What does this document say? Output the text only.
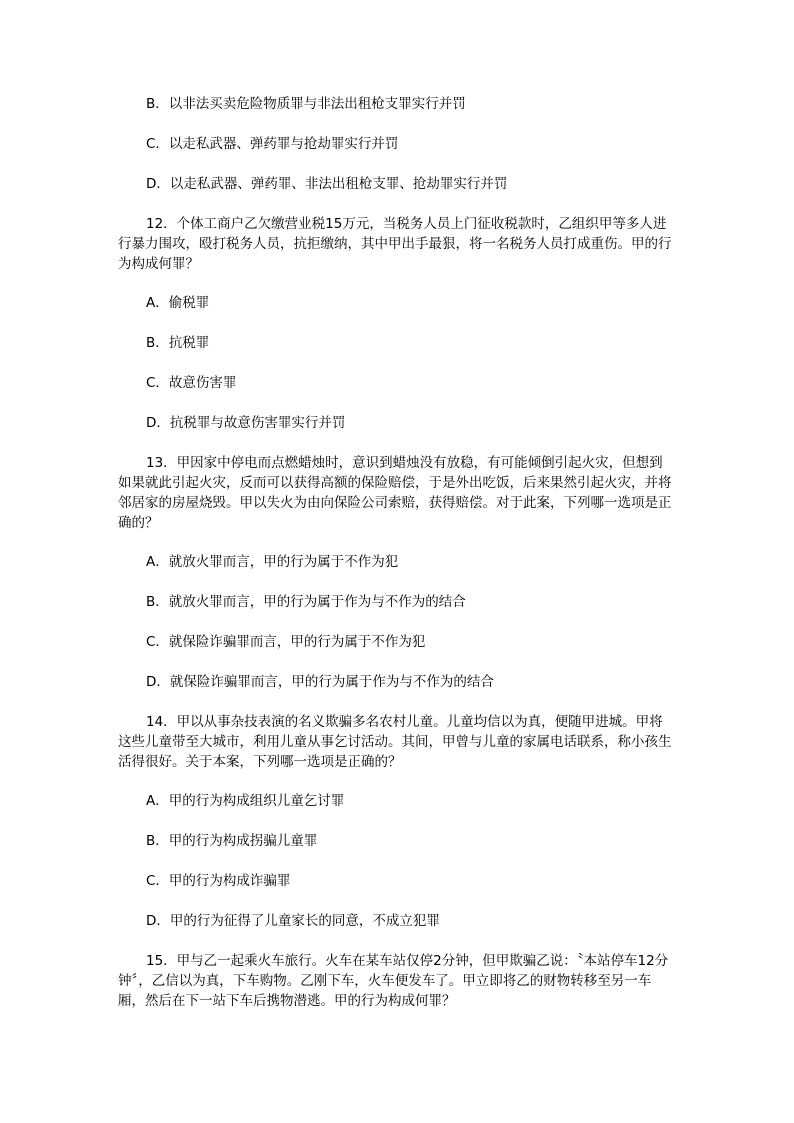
B．以非法买卖危险物质罪与非法出租枪支罪实行并罚

C．以走私武器、弹药罪与抢劫罪实行并罚

D．以走私武器、弹药罪、非法出租枪支罪、抢劫罪实行并罚

12．个体工商户乙欠缴营业税15万元，当税务人员上门征收税款时，乙组织甲等多人进行暴力围攻，殴打税务人员，抗拒缴纳，其中甲出手最狠，将一名税务人员打成重伤。甲的行为构成何罪？

A．偷税罪

B．抗税罪

C．故意伤害罪

D．抗税罪与故意伤害罪实行并罚

13．甲因家中停电而点燃蜡烛时，意识到蜡烛没有放稳，有可能倾倒引起火灾，但想到如果就此引起火灾，反而可以获得高额的保险赔偿，于是外出吃饭，后来果然引起火灾，并将邻居家的房屋烧毁。甲以失火为由向保险公司索赔，获得赔偿。对于此案，下列哪一选项是正确的？

A．就放火罪而言，甲的行为属于不作为犯

B．就放火罪而言，甲的行为属于作为与不作为的结合

C．就保险诈骗罪而言，甲的行为属于不作为犯

D．就保险诈骗罪而言，甲的行为属于作为与不作为的结合

14．甲以从事杂技表演的名义欺骗多名农村儿童。儿童均信以为真，便随甲进城。甲将这些儿童带至大城市，利用儿童从事乞讨活动。其间，甲曾与儿童的家属电话联系，称小孩生活得很好。关于本案，下列哪一选项是正确的？

A．甲的行为构成组织儿童乞讨罪

B．甲的行为构成拐骗儿童罪

C．甲的行为构成诈骗罪

D．甲的行为征得了儿童家长的同意，不成立犯罪

15．甲与乙一起乘火车旅行。火车在某车站仅停2分钟，但甲欺骗乙说：〝本站停车12分钟〞，乙信以为真，下车购物。乙刚下车，火车便发车了。甲立即将乙的财物转移至另一车厢，然后在下一站下车后携物潜逃。甲的行为构成何罪？
